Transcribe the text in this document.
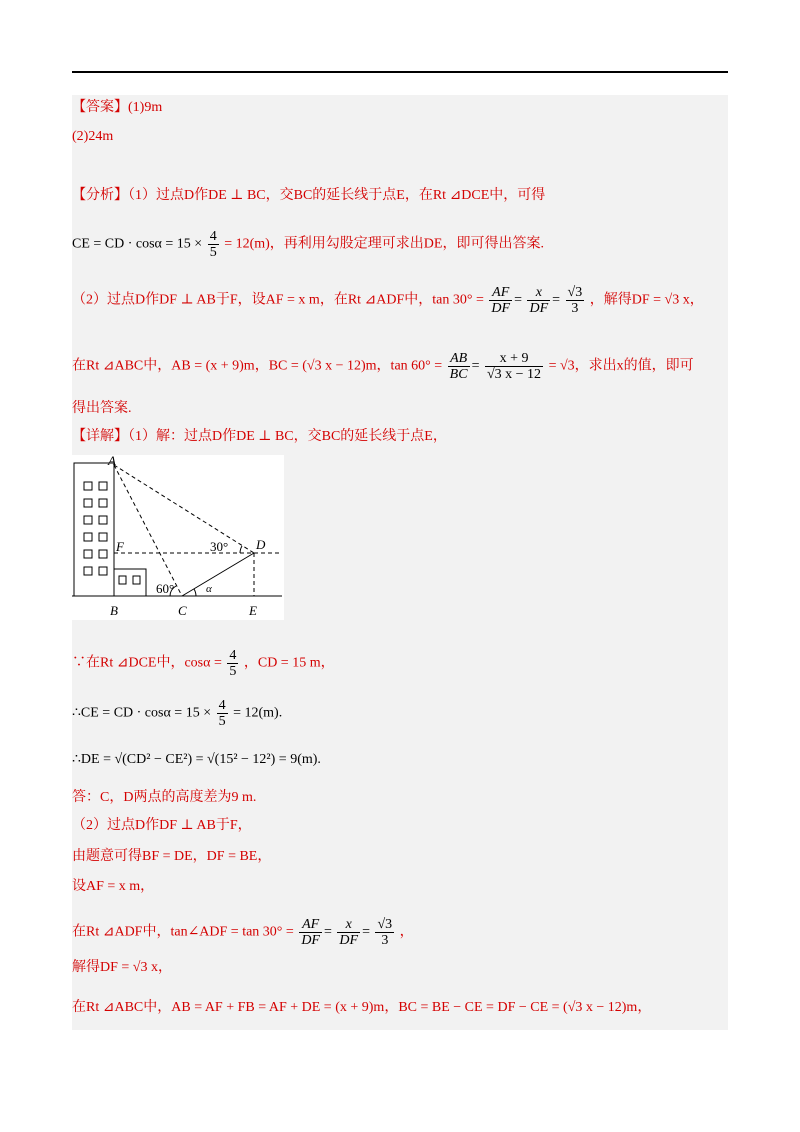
【答案】(1)9m
(2)24m
【分析】（1）过点D作DE ⊥ BC，交BC的延长线于点E，在Rt ⊿DCE中，可得
CE = CD · $\cos\alpha = 15 \times \frac{4}{5} = 12(m)$，再利用勾股定理可求出DE，即可得出答案.
（2）过点D作DF ⊥ AB于F，设AF = x m，在Rt ⊿ADF中，$\tan 30^\circ = \frac{AF}{DF} = \frac{x}{DF} = \frac{√3}{3}$ ，解得DF = √3 x，
在Rt ⊿ABC中，AB = (x + 9)m，BC = (√3 x − 12)m，$\tan 60^\circ = \frac{AB}{BC} = \frac{x + 9}{√3 x - 12} = √3$，求出x的值，即可
得出答案.
【详解】（1）解：过点D作DE ⊥ BC，交BC的延长线于点E，
A
F	D
B	C	E
α
30°
60°
∵在Rt ⊿DCE中，$\cos\alpha = \frac{4}{5}$ ，CD = 15 m，
∴CE = CD · $\cos\alpha = 15 \times \frac{4}{5} = 12(m)$.
∴DE = √(CD² − CE²) = √(15² − 12²) = 9(m).
答：C，D两点的高度差为9 m.
（2）过点D作DF ⊥ AB于F，
由题意可得BF = DE，DF = BE，
设AF = x m，
在Rt ⊿ADF中，tan∠ADF = $\tan 30^\circ = \frac{AF}{DF} = \frac{x}{DF} = \frac{√3}{3}$ ，
解得DF = √3 x，
在Rt ⊿ABC中，AB = AF + FB = AF + DE = (x + 9)m，BC = BE − CE = DF − CE = (√3 x − 12)m，
